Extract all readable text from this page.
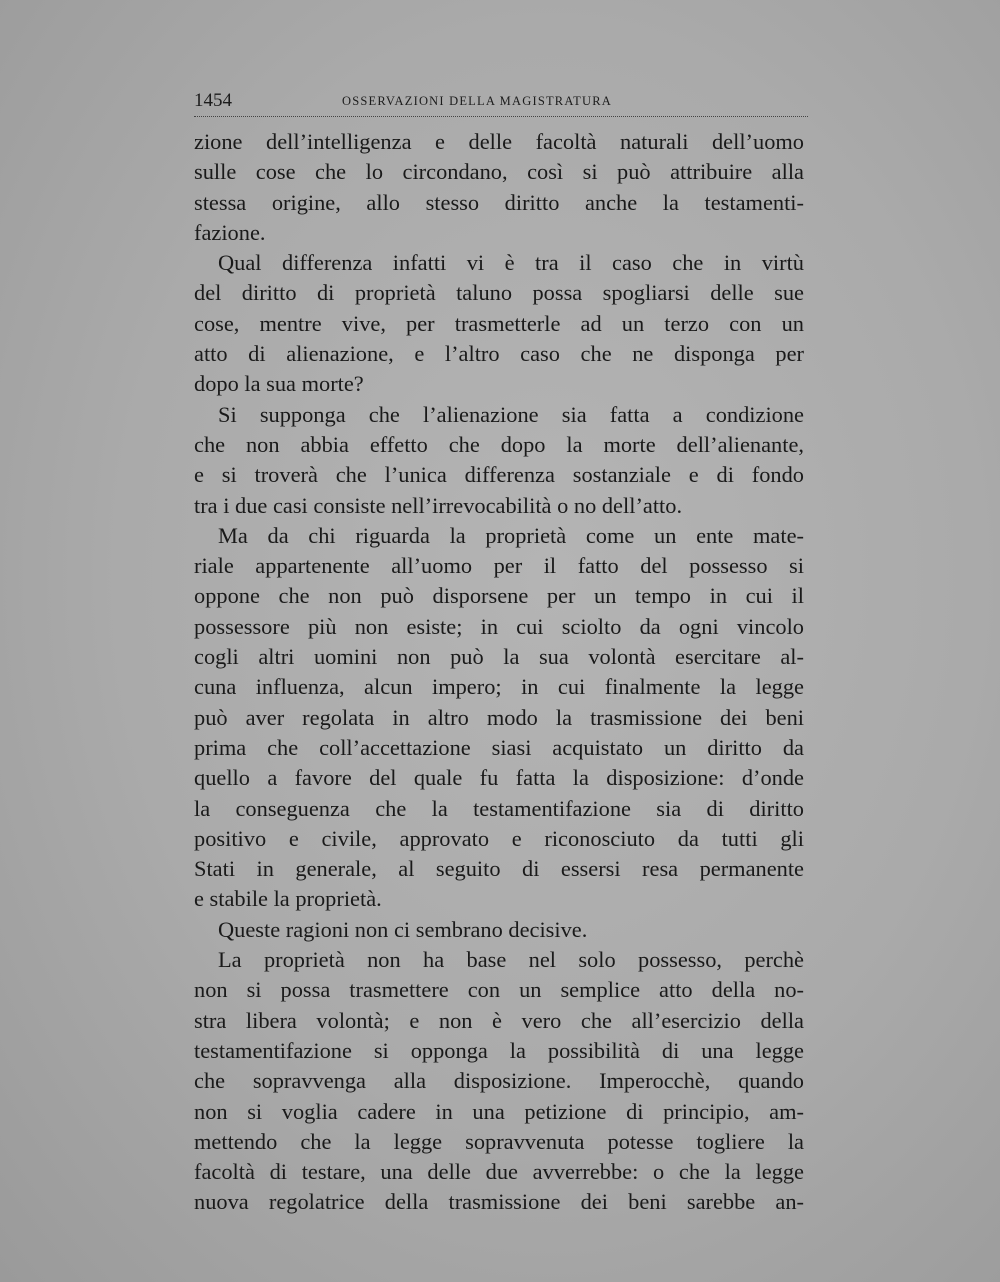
1454	OSSERVAZIONI DELLA MAGISTRATURA

zione dell’intelligenza e delle facoltà naturali dell’uomo
sulle cose che lo circondano, così si può attribuire alla
stessa origine, allo stesso diritto anche la testamenti-
fazione.

Qual differenza infatti vi è tra il caso che in virtù
del diritto di proprietà taluno possa spogliarsi delle sue
cose, mentre vive, per trasmetterle ad un terzo con un
atto di alienazione, e l’altro caso che ne disponga per
dopo la sua morte?

Si supponga che l’alienazione sia fatta a condizione
che non abbia effetto che dopo la morte dell’alienante,
e si troverà che l’unica differenza sostanziale e di fondo
tra i due casi consiste nell’irrevocabilità o no dell’atto.

Ma da chi riguarda la proprietà come un ente mate-
riale appartenente all’uomo per il fatto del possesso si
oppone che non può disporsene per un tempo in cui il
possessore più non esiste; in cui sciolto da ogni vincolo
cogli altri uomini non può la sua volontà esercitare al-
cuna influenza, alcun impero; in cui finalmente la legge
può aver regolata in altro modo la trasmissione dei beni
prima che coll’accettazione siasi acquistato un diritto da
quello a favore del quale fu fatta la disposizione: d’onde
la conseguenza che la testamentifazione sia di diritto
positivo e civile, approvato e riconosciuto da tutti gli
Stati in generale, al seguito di essersi resa permanente
e stabile la proprietà.

Queste ragioni non ci sembrano decisive.

La proprietà non ha base nel solo possesso, perchè
non si possa trasmettere con un semplice atto della no-
stra libera volontà; e non è vero che all’esercizio della
testamentifazione si opponga la possibilità di una legge
che sopravvenga alla disposizione. Imperocchè, quando
non si voglia cadere in una petizione di principio, am-
mettendo che la legge sopravvenuta potesse togliere la
facoltà di testare, una delle due avverrebbe: o che la legge
nuova regolatrice della trasmissione dei beni sarebbe an-
